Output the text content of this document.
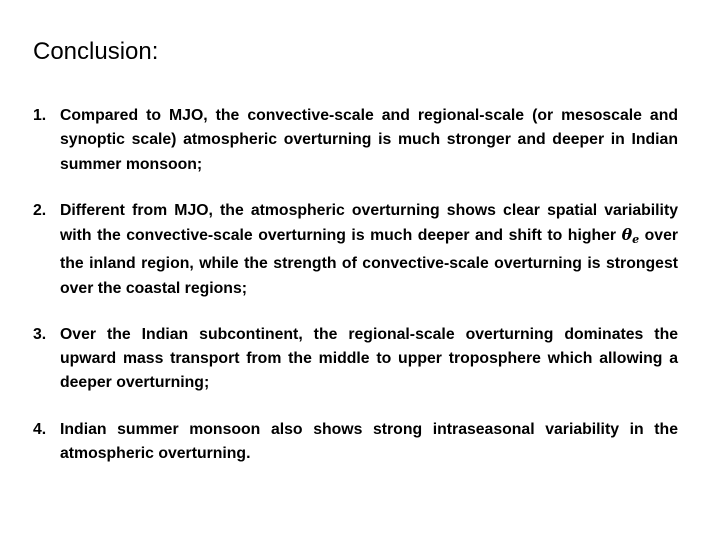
Conclusion:
1. Compared to MJO, the convective-scale and regional-scale (or mesoscale and synoptic scale) atmospheric overturning is much stronger and deeper in Indian summer monsoon;
2. Different from MJO, the atmospheric overturning shows clear spatial variability with the convective-scale overturning is much deeper and shift to higher $\theta_e$ over the inland region, while the strength of convective-scale overturning is strongest over the coastal regions;
3. Over the Indian subcontinent, the regional-scale overturning dominates the upward mass transport from the middle to upper troposphere which allowing a deeper overturning;
4. Indian summer monsoon also shows strong intraseasonal variability in the atmospheric overturning.
